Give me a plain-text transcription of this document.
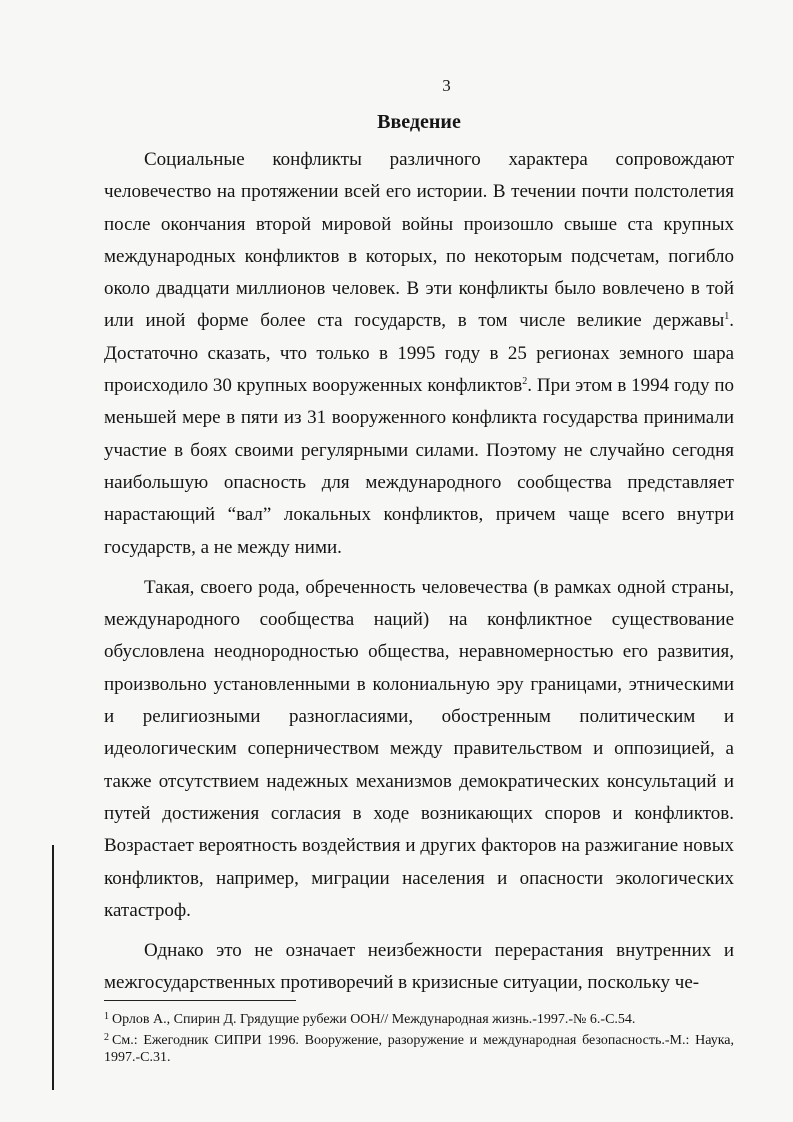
3
Введение

Социальные конфликты различного характера сопровождают человечество на протяжении всей его истории. В течении почти полстолетия после окончания второй мировой войны произошло свыше ста крупных международных конфликтов в которых, по некоторым подсчетам, погибло около двадцати миллионов человек. В эти конфликты было вовлечено в той или иной форме более ста государств, в том числе великие державы$^1$. Достаточно сказать, что только в 1995 году в 25 регионах земного шара происходило 30 крупных вооруженных конфликтов$^2$. При этом в 1994 году по меньшей мере в пяти из 31 вооруженного конфликта государства принимали участие в боях своими регулярными силами. Поэтому не случайно сегодня наибольшую опасность для международного сообщества представляет нарастающий “вал” локальных конфликтов, причем чаще всего внутри государств, а не между ними.

Такая, своего рода, обреченность человечества (в рамках одной страны, международного сообщества наций) на конфликтное существование обусловлена неоднородностью общества, неравномерностью его развития, произвольно установленными в колониальную эру границами, этническими и религиозными разногласиями, обостренным политическим и идеологическим соперничеством между правительством и оппозицией, а также отсутствием надежных механизмов демократических консультаций и путей достижения согласия в ходе возникающих споров и конфликтов. Возрастает вероятность воздействия и других факторов на разжигание новых конфликтов, например, миграции населения и опасности экологических катастроф.

Однако это не означает неизбежности перерастания внутренних и межгосударственных противоречий в кризисные ситуации, поскольку че-

$^1$ Орлов А., Спирин Д. Грядущие рубежи ООН// Международная жизнь.-1997.-№ 6.-С.54.

$^2$ См.: Ежегодник СИПРИ 1996. Вооружение, разоружение и международная безопасность.-М.: Наука, 1997.-С.31.
